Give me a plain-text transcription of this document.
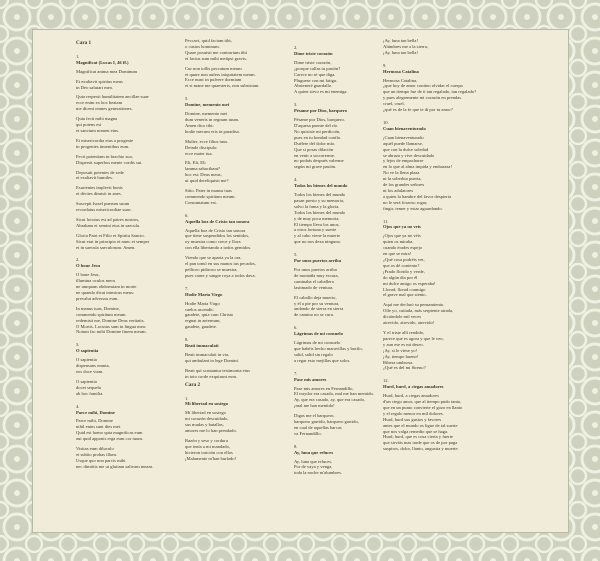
Cara 1
1.
Magnificat (Lucas I, 46 ff.)
Magnificat anima mea Dominum
Et exultavit spiritus meus
in Deo salutari meo.
Quia respexit humilitatem ancillae suae
ecce enim ex hoc beatam
me dicent omnes generationes.
Quia fecit mihi magna
qui potens est
et sanctum nomen eius.
Et misericordia eius a progenie
in progenies timentibus eum.
Fecit potentiam in brachio suo,
Dispersit superbos mente cordis sui.
Deposuit potentes de sede
et exaltavit humiles.
Esurientes implevit bonis
et divites dimisit in anes.
Suscepit Israel puerum suum
recordatus misericordiae suae.
Sicut locutus est ad patres nostros,
Abraham et semini eius in saecula.
Gloria Patri et Filio et Spiritu Sancto.
Sicut erat in principio et nunc et semper
et in saecula saeculorum. Amen.
2.
O bone Jesu
O bone Jesu,
illumina oculos meos
ne umquam obdormiam in morte
ne quando dicat inimicus meus:
prevalui adversus eum.
In manus tuas, Domine,
commendo spiritum meum.
redemisti me, Domine Deus veritatis.
O Mortis. Locutus sum in lingua mea:
Notum fac mihi Domine finem meum.
3.
O sapientia
O sapientia
dispensans omnia,
eos doce viam.
O sapientia
docet sequela
ab hoc familia.
4.
Parce mihi, Domine
Parce mihi, Domine
nihil enim sunt dies mei.
Quid est homo quia magnificas eum
aut quid apponis erga eum cor tuum.
Visitas eum diluculo
et subito probas illum.
Usque quo non parcis mihi
nec dimittis me ut glutiam salivam meam.
Peccavi, quid faciam tibi,
o custos hominum.
Quare posuisti me contrarium tibi
et factus sum mihi metipsi gravis.
Cur non tollis peccatum meum
et quare non aufers iniquitatem meam.
Ecce nunc in pulvere dormiam
et si mane me quaesieris, non subsistam.
5.
Domine, memento mei
Domine, memento mei
dum veneris in regnum tuum.
Amen dico tibi:
hodie mecum eris in paradiso.
Mulier, ecce filius tuus.
Deinde discipulo:
ecce mater tua.
Eli, Eli, Eli
lamma sabacthani?
hoc est: Deus meus,
ut quid dereliquisti me?
Sitio. Pater in manus tuas
commendo spiritum meum.
Consumatum est.
6.
Aquella boz de Cristo tan sonora
Aquella boz de Cristo tan sonora
que tiene suspendidos los sentidos,
oy muestra como crece y llora
con ella libertando a todos gemidos.
Viendo que se aparta ya la ora,
el pan tomó en sus manos tus pecados,
pelliceo pidiroso se muestra,
pues carne y sangre roya a todos dava.
7.
Hodie Maria Virgo
Hodie Maria Virgo
caelos ascendit:
gaudete, quia cum Christo
regnat in aeternum,
gaudete, gaudete.
8.
Beati immaculati
Beati immaculati in via,
qui ambulant in lege Domini.
Beati qui scrutantur testimonia eius
in toto corde exquirunt eum.
Cara 2
1.
Mi libertad en sosiego
Mi libertad en sosiego
mi corazón descuidado,
sus mudas y batallas,
amores me lo han prendado.
Razón y seso y cordura
que tenía a mi mandado,
hicieron traición con ellos
¡Malamente m'han burlado!
2.
Dime triste corazón
Dime triste corazón,
¿porque callas tu pasión?
Carece no sé que diga.
Pluguese con mi fatiga.
Absteneré guardallo.
A quien sirvo es mi enemiga.
3.
Pésame por Dios, barquero
Pésame por Dios, barquero.
D'aquesa puente del río.
No quisiste mi perdición,
pues en tu bondad confío.
Duélete del dolor mío.
Que si posas dilación
en venir a socorrerme.
no podrás después valerme
según mi grave pasión.
4.
Todos los bienes del mundo
Todos los bienes del mundo
pasan presto y su memoria,
salvo la fama y la gloria.
Todos los bienes del mundo
y de muy poca memoria.
El tiempo lleva los unos,
a otros fortuna y suerte
y al cabo viene la muerte
que no nos dexa ninguno.
5.
Por unos puertos arriba
Por unos puertos arriba
de montaña muy escura,
caminaba el caballero
lastimado de ventura.
El caballo deja muerto,
y él a pie por su ventura,
andando de sierra en sierra
de camino no se cura.
6.
Lágrimas de mi consuelo
Lágrimas de mi consuelo
que habéis hecho maravillas y bacilo,
salid, salid sin regalo
a regar esto mejillas que solos.
7.
Pase mis amores
Pase mis amores en Fernandillo,
El traydor era casado, mal me han mentido.
Ay, que era casado, ay, que era casado,
¡mal me han mentido!
Digas me el barquero,
barquero garrido, barquero garrido,
en cual de aquellas barcas
va Fernandillo.
8.
Ay, luna que reluces
Ay, luna que reluces,
Por de vaya y venga,
toda la noche m'alumbres.
¡Ay, luna tan bella!
Alúmbres me a la sierra,
¡Ay, luna tan bella!
9.
Hermosa Catalina
Hermosa Catalina,
¿que hoy de amor contino olvidar el cuerpo
que un tiempo fue de ti tan regalado, tan regalado?
y pues alegremente mi corazón en prendas
cruel, cruel,
¿qué es de la fe que te di por tu amor?
10.
Cuan bienaventurado
¡Cuan bienaventurado
aquél puede llamarse,
que con la dulce soledad
se abraza y vive descuidado
y lejos de empacharse
en lo que al alma impida y embaraza!
No ve la llena plaza
ni la soberbia puerta,
de los grandes señores
ni los adulatores
a quien la hambre del favor despierta
no le será forzoso rogar,
fingir, temer y estar aguardando.
11.
Ojos que ya no veis
¡Ojos que ya no véis
quien os miraba,
cuando érades espejo
en que se mira!
¿Qué cosa podréis ver,
que os dé contento?
¡Prado florido y verde,
do algún día por él
mi dulce amigo os esperaba!
Llorad, llorad conmigo
el grave mal que siento.
Aquí me declaró su pensamiento.
Oíle yo, cuitada, más serpiente airada,
dicióndole mil veces
atrevido, atrevido, atrevido!
Y el triste allí rendido,
parece que es agora y que le veo,
y aun ese es mi deseo.
¡Ay, si le viese yo!
¡Ay, tiempo bueno!
Ribera umbrosa.
¿Qué es del mi Sireno?
12.
Hurd, hurd, a ciegas amadores
Hurd, hurd, a ciegas amadores
d'un ciego amor, que al tiempo pudo tanto,
que en un punto convierte el gozo en llanto
y el regalo menor en mil dolores.
Hurd, hurd sus gustos y favores
antes que el mundo os ligue de tal suerte
que nos valga remedio que se haga.
Hurd, hurd, que es cosa cierta y fuerte
que sirváis mas tarde que os de por paga
suspiros, dolor, llanto, angustia y muerte.
